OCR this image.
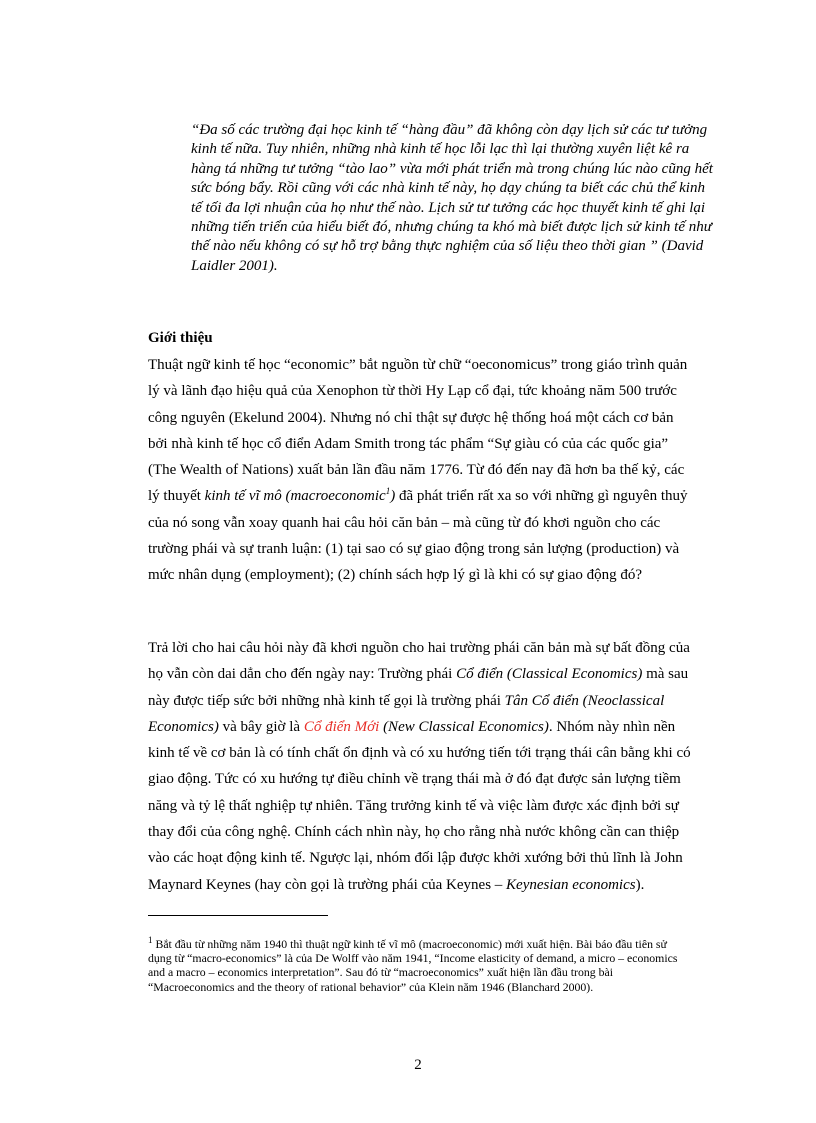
“Đa số các trường đại học kinh tế “hàng đầu” đã không còn dạy lịch sử các tư tưởng kinh tế nữa. Tuy nhiên, những nhà kinh tế học lỗi lạc thì lại thường xuyên liệt kê ra hàng tá những tư tưởng “tào lao” vừa mới phát triển mà trong chúng lúc nào cũng hết sức bóng bẩy. Rồi cũng với các nhà kinh tế này, họ dạy chúng ta biết các chủ thể kinh tế tối đa lợi nhuận của họ như thế nào. Lịch sử tư tưởng các học thuyết kinh tế ghi lại những tiến triển của hiểu biết đó, nhưng chúng ta khó mà biết được lịch sử kinh tế như thế nào nếu không có sự hỗ trợ bằng thực nghiệm của số liệu theo thời gian ” (David Laidler 2001).
Giới thiệu
Thuật ngữ kinh tế học “economic” bắt nguồn từ chữ “oeconomicus” trong giáo trình quản lý và lãnh đạo hiệu quả của Xenophon từ thời Hy Lạp cổ đại, tức khoảng năm 500 trước công nguyên (Ekelund 2004). Nhưng nó chỉ thật sự được hệ thống hoá một cách cơ bản bởi nhà kinh tế học cổ điển Adam Smith trong tác phẩm “Sự giàu có của các quốc gia” (The Wealth of Nations) xuất bản lần đầu năm 1776. Từ đó đến nay đã hơn ba thế kỷ, các lý thuyết kinh tế vĩ mô (macroeconomic$^1$) đã phát triển rất xa so với những gì nguyên thuỷ của nó song vẫn xoay quanh hai câu hỏi căn bản – mà cũng từ đó khơi nguồn cho các trường phái và sự tranh luận: (1) tại sao có sự giao động trong sản lượng (production) và mức nhân dụng (employment); (2) chính sách hợp lý gì là khi có sự giao động đó?
Trả lời cho hai câu hỏi này đã khơi nguồn cho hai trường phái căn bản mà sự bất đồng của họ vẫn còn dai dẳn cho đến ngày nay: Trường phái Cổ điển (Classical Economics) mà sau này được tiếp sức bởi những nhà kinh tế gọi là trường phái Tân Cổ điển (Neoclassical Economics) và bây giờ là Cổ điển Mới (New Classical Economics). Nhóm này nhìn nền kinh tế về cơ bản là có tính chất ổn định và có xu hướng tiến tới trạng thái cân bằng khi có giao động. Tức có xu hướng tự điều chỉnh về trạng thái mà ở đó đạt được sản lượng tiềm năng và tỷ lệ thất nghiệp tự nhiên. Tăng trưởng kinh tế và việc làm được xác định bởi sự thay đổi của công nghệ. Chính cách nhìn này, họ cho rằng nhà nước không cần can thiệp vào các hoạt động kinh tế. Ngược lại, nhóm đối lập được khởi xướng bởi thủ lĩnh là John Maynard Keynes (hay còn gọi là trường phái của Keynes – Keynesian economics).
$^1$ Bắt đầu từ những năm 1940 thì thuật ngữ kinh tế vĩ mô (macroeconomic) mới xuất hiện. Bài báo đầu tiên sử dụng từ “macro-economics” là của De Wolff vào năm 1941, “Income elasticity of demand, a micro – economics and a macro – economics interpretation”. Sau đó từ “macroeconomics” xuất hiện lần đầu trong bài “Macroeconomics and the theory of rational behavior” của Klein năm 1946 (Blanchard 2000).
2
